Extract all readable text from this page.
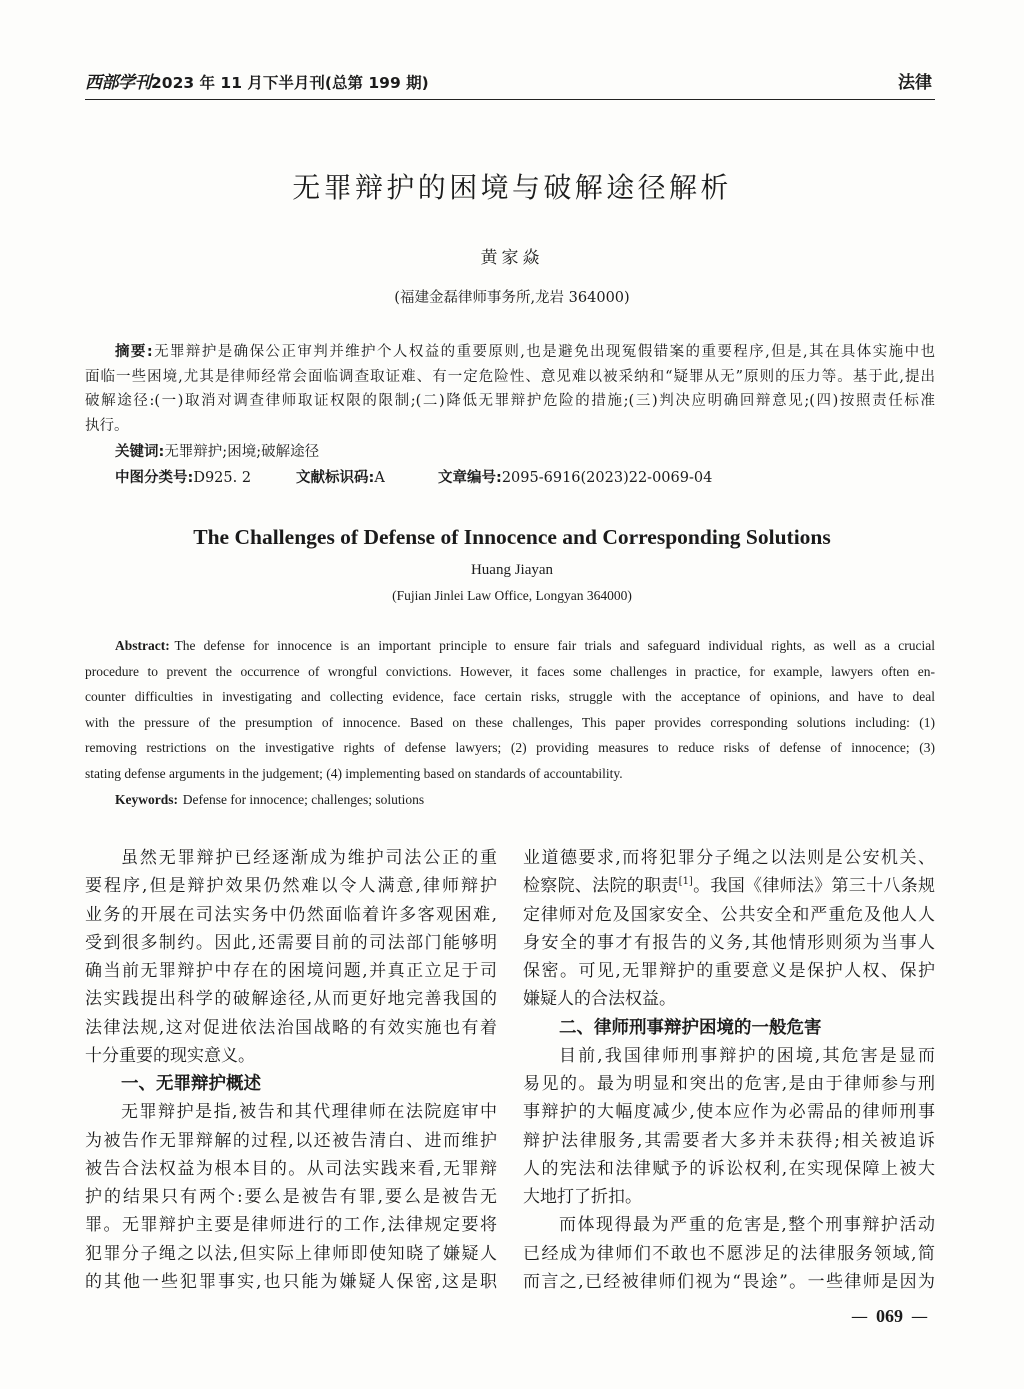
西部学刊2023 年 11 月下半月刊(总第 199 期)	法律
无罪辩护的困境与破解途径解析
黄家焱
(福建金磊律师事务所,龙岩 364000)
摘要:无罪辩护是确保公正审判并维护个人权益的重要原则,也是避免出现冤假错案的重要程序,但是,其在具体实施中也
面临一些困境,尤其是律师经常会面临调查取证难、有一定危险性、意见难以被采纳和“疑罪从无”原则的压力等。基于此,提出
破解途径:(一)取消对调查律师取证权限的限制;(二)降低无罪辩护危险的措施;(三)判决应明确回辩意见;(四)按照责任标准
执行。
关键词:无罪辩护;困境;破解途径
中图分类号:D925. 2	文献标识码:A	文章编号:2095-6916(2023)22-0069-04
The Challenges of Defense of Innocence and Corresponding Solutions
Huang Jiayan
(Fujian Jinlei Law Office, Longyan 364000)
Abstract: The defense for innocence is an important principle to ensure fair trials and safeguard individual rights, as well as a crucial
procedure to prevent the occurrence of wrongful convictions. However, it faces some challenges in practice, for example, lawyers often en-
counter difficulties in investigating and collecting evidence, face certain risks, struggle with the acceptance of opinions, and have to deal
with the pressure of the presumption of innocence. Based on these challenges, This paper provides corresponding solutions including: (1)
removing restrictions on the investigative rights of defense lawyers; (2) providing measures to reduce risks of defense of innocence; (3)
stating defense arguments in the judgement; (4) implementing based on standards of accountability.
Keywords: Defense for innocence; challenges; solutions
虽然无罪辩护已经逐渐成为维护司法公正的重
要程序,但是辩护效果仍然难以令人满意,律师辩护
业务的开展在司法实务中仍然面临着许多客观困难,
受到很多制约。因此,还需要目前的司法部门能够明
确当前无罪辩护中存在的困境问题,并真正立足于司
法实践提出科学的破解途径,从而更好地完善我国的
法律法规,这对促进依法治国战略的有效实施也有着
十分重要的现实意义。
一、无罪辩护概述
无罪辩护是指,被告和其代理律师在法院庭审中
为被告作无罪辩解的过程,以还被告清白、进而维护
被告合法权益为根本目的。从司法实践来看,无罪辩
护的结果只有两个:要么是被告有罪,要么是被告无
罪。无罪辩护主要是律师进行的工作,法律规定要将
犯罪分子绳之以法,但实际上律师即使知晓了嫌疑人
的其他一些犯罪事实,也只能为嫌疑人保密,这是职
业道德要求,而将犯罪分子绳之以法则是公安机关、
检察院、法院的职责[1]。我国《律师法》第三十八条规
定律师对危及国家安全、公共安全和严重危及他人人
身安全的事才有报告的义务,其他情形则须为当事人
保密。可见,无罪辩护的重要意义是保护人权、保护
嫌疑人的合法权益。
二、律师刑事辩护困境的一般危害
目前,我国律师刑事辩护的困境,其危害是显而
易见的。最为明显和突出的危害,是由于律师参与刑
事辩护的大幅度减少,使本应作为必需品的律师刑事
辩护法律服务,其需要者大多并未获得;相关被追诉
人的宪法和法律赋予的诉讼权利,在实现保障上被大
大地打了折扣。
而体现得最为严重的危害是,整个刑事辩护活动
已经成为律师们不敢也不愿涉足的法律服务领域,简
而言之,已经被律师们视为“畏途”。一些律师是因为
— 069 —
